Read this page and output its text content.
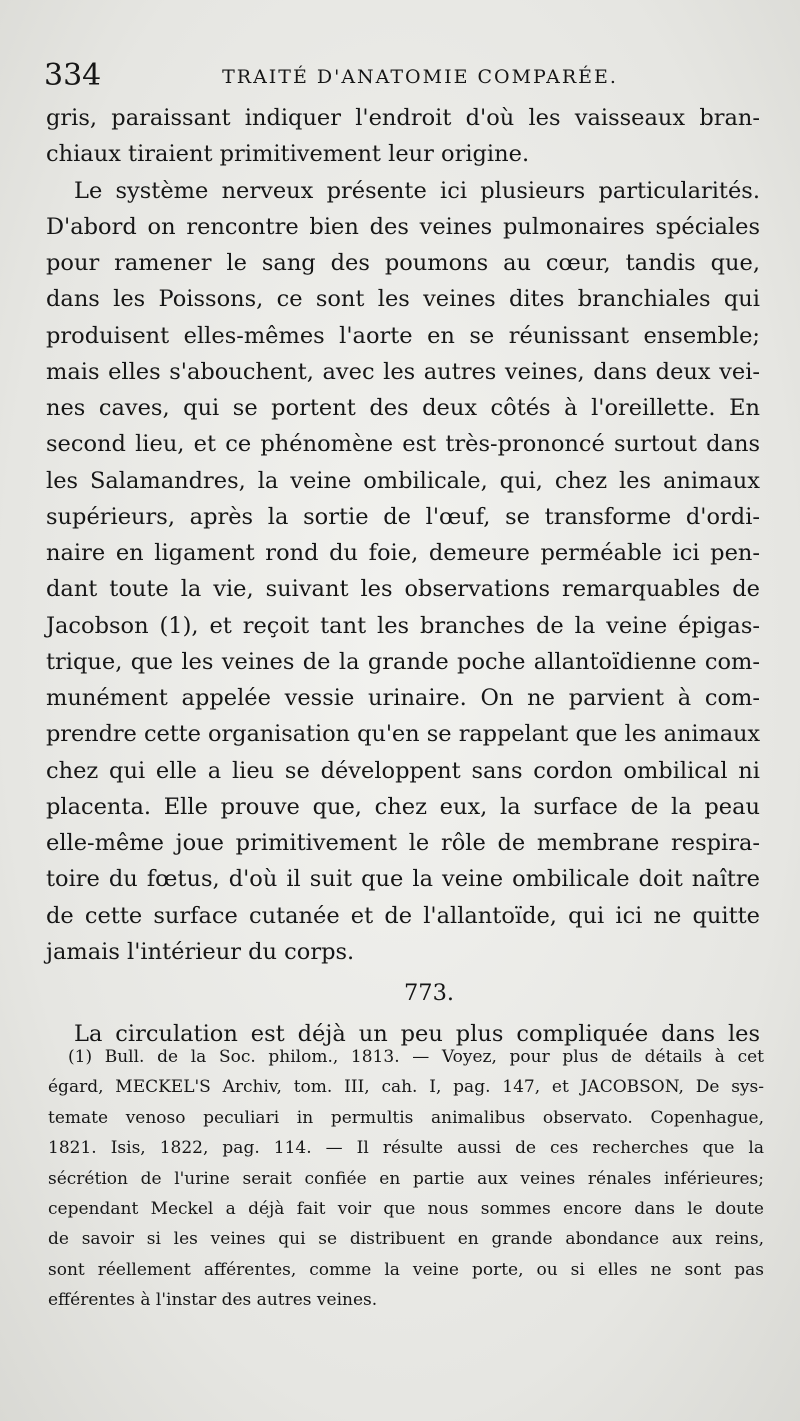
334	TRAITÉ D'ANATOMIE COMPARÉE.
gris, paraissant indiquer l'endroit d'où les vaisseaux bran-
chiaux tiraient primitivement leur origine.
Le système nerveux présente ici plusieurs particularités.
D'abord on rencontre bien des veines pulmonaires spéciales
pour ramener le sang des poumons au cœur, tandis que,
dans les Poissons, ce sont les veines dites branchiales qui
produisent elles-mêmes l'aorte en se réunissant ensemble;
mais elles s'abouchent, avec les autres veines, dans deux vei-
nes caves, qui se portent des deux côtés à l'oreillette. En
second lieu, et ce phénomène est très-prononcé surtout dans
les Salamandres, la veine ombilicale, qui, chez les animaux
supérieurs, après la sortie de l'œuf, se transforme d'ordi-
naire en ligament rond du foie, demeure perméable ici pen-
dant toute la vie, suivant les observations remarquables de
Jacobson (1), et reçoit tant les branches de la veine épigas-
trique, que les veines de la grande poche allantoïdienne com-
munément appelée vessie urinaire. On ne parvient à com-
prendre cette organisation qu'en se rappelant que les animaux
chez qui elle a lieu se développent sans cordon ombilical ni
placenta. Elle prouve que, chez eux, la surface de la peau
elle-même joue primitivement le rôle de membrane respira-
toire du fœtus, d'où il suit que la veine ombilicale doit naître
de cette surface cutanée et de l'allantoïde, qui ici ne quitte
jamais l'intérieur du corps.
773.
La circulation est déjà un peu plus compliquée dans les
(1) Bull. de la Soc. philom., 1813. — Voyez, pour plus de détails à cet
égard, MECKEL'S Archiv, tom. III, cah. I, pag. 147, et JACOBSON, De sys-
temate venoso peculiari in permultis animalibus observato. Copenhague,
1821. Isis, 1822, pag. 114. — Il résulte aussi de ces recherches que la
sécrétion de l'urine serait confiée en partie aux veines rénales inférieures;
cependant Meckel a déjà fait voir que nous sommes encore dans le doute
de savoir si les veines qui se distribuent en grande abondance aux reins,
sont réellement afférentes, comme la veine porte, ou si elles ne sont pas
efférentes à l'instar des autres veines.
